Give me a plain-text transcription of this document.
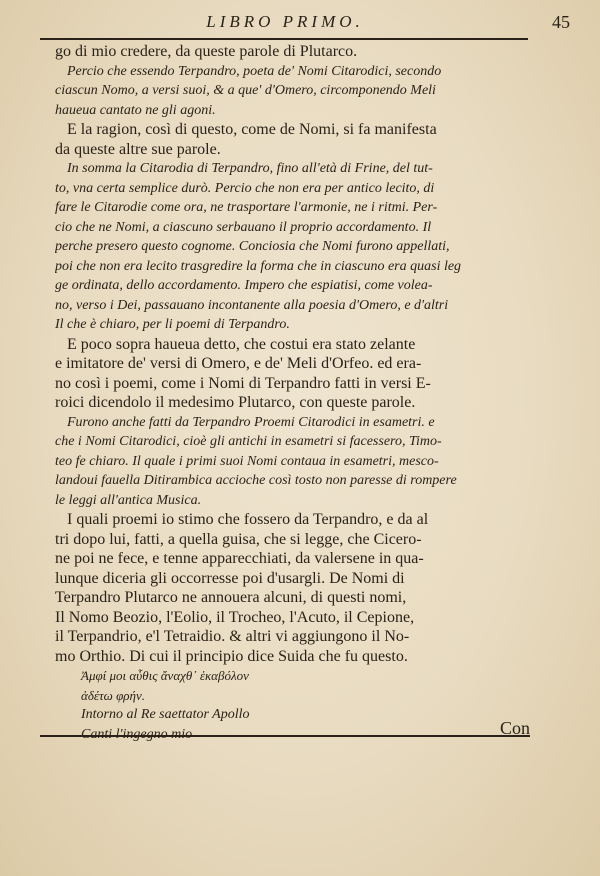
LIBRO PRIMO.	45
go di mio credere, da queste parole di Plutarco.
Percio che essendo Terpandro, poeta de' Nomi Citarodici, secondo
ciascun Nomo, a versi suoi, & a que' d'Omero, circomponendo Meli
haueua cantato ne gli agoni.
E la ragion, così di questo, come de Nomi, si fa manifesta
da queste altre sue parole.
In somma la Citarodia di Terpandro, fino all'età di Frine, del tut-
to, vna certa semplice durò. Percio che non era per antico lecito, di
fare le Citarodie come ora, ne trasportare l'armonie, ne i ritmi. Per-
cio che ne Nomi, a ciascuno serbauano il proprio accordamento. Il
perche presero questo cognome. Conciosia che Nomi furono appellati,
poi che non era lecito trasgredire la forma che in ciascuno era quasi leg
ge ordinata, dello accordamento. Impero che espiatisi, come volea-
no, verso i Dei, passauano incontanente alla poesia d'Omero, e d'altri
Il che è chiaro, per li poemi di Terpandro.
E poco sopra haueua detto, che costui era stato zelante
e imitatore de' versi di Omero, e de' Meli d'Orfeo. ed era-
no così i poemi, come i Nomi di Terpandro fatti in versi E-
roici dicendolo il medesimo Plutarco, con queste parole.
Furono anche fatti da Terpandro Proemi Citarodici in esametri. e
che i Nomi Citarodici, cioè gli antichi in esametri si facessero, Timo-
teo fe chiaro. Il quale i primi suoi Nomi contaua in esametri, mesco-
landoui fauella Ditirambica accioche così tosto non paresse di rompere
le leggi all'antica Musica.
I quali proemi io stimo che fossero da Terpandro, e da al
tri dopo lui, fatti, a quella guisa, che si legge, che Cicero-
ne poi ne fece, e tenne apparecchiati, da valersene in qua-
lunque diceria gli occorresse poi d'usargli. De Nomi di
Terpandro Plutarco ne annouera alcuni, di questi nomi,
Il Nomo Beozio, l'Eolio, il Trocheo, l'Acuto, il Cepione,
il Terpandrio, e'l Tetraidio. & altri vi aggiungono il No-
mo Orthio. Di cui il principio dice Suida che fu questo.
Ἀμφί μοι αὖθις ἄναχθ᾽ ἑκαβόλον
ἀδέτω φρήν.
Intorno al Re saettator Apollo
Canti l'ingegno mio	Con
